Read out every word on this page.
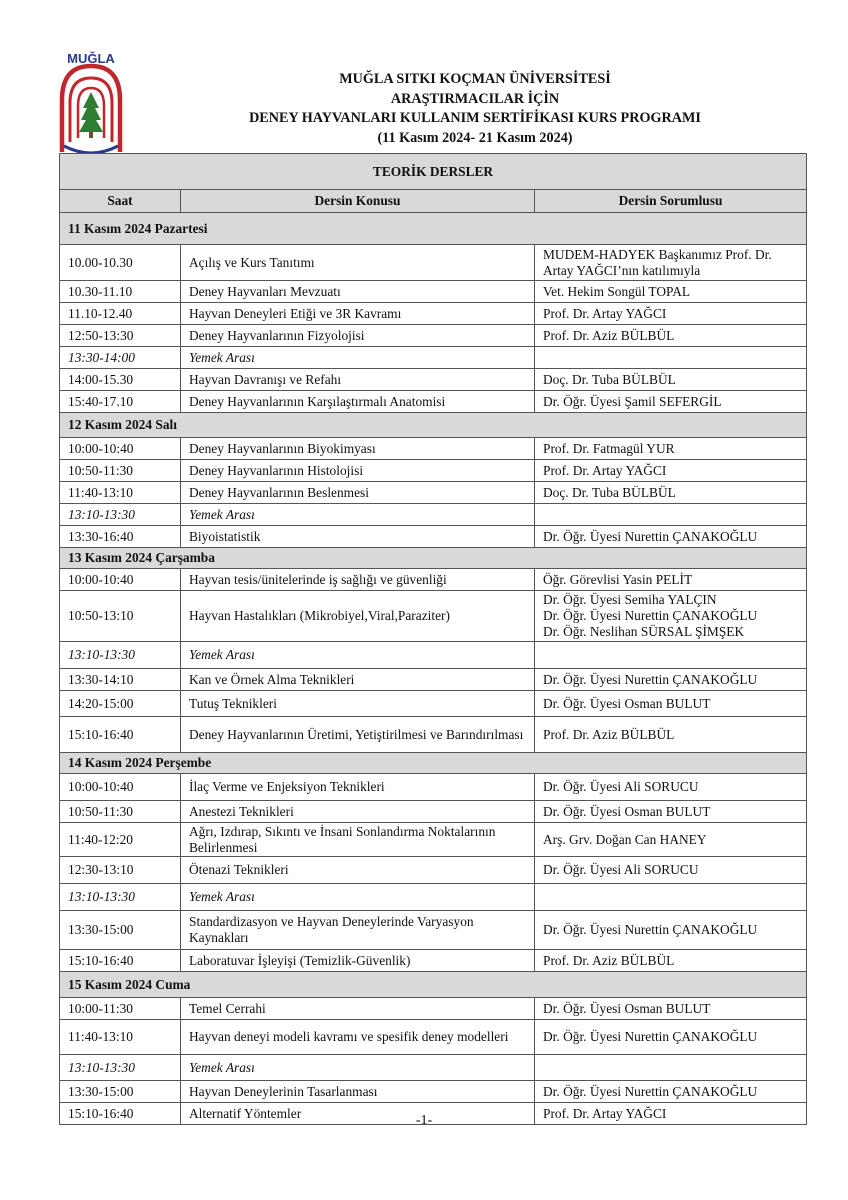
MUĞLA
MUĞLA SITKI KOÇMAN ÜNİVERSİTESİ
ARAŞTIRMACILAR İÇİN
DENEY HAYVANLARI KULLANIM SERTİFİKASI KURS PROGRAMI
(11 Kasım 2024- 21 Kasım 2024)
TEORİK DERSLER		
Saat	Dersin Konusu	Dersin Sorumlusu
11 Kasım 2024 Pazartesi		
10.00-10.30	Açılış ve Kurs Tanıtımı	MUDEM-HADYEK Başkanımız Prof. Dr. Artay YAĞCI’nın katılımıyla
10.30-11.10	Deney Hayvanları Mevzuatı	Vet. Hekim Songül TOPAL
11.10-12.40	Hayvan Deneyleri Etiği ve 3R Kavramı	Prof. Dr. Artay YAĞCI
12:50-13:30	Deney Hayvanlarının Fizyolojisi	Prof. Dr. Aziz BÜLBÜL
13:30-14:00	Yemek Arası	
14:00-15.30	Hayvan Davranışı ve Refahı	Doç. Dr. Tuba BÜLBÜL
15:40-17.10	Deney Hayvanlarının Karşılaştırmalı Anatomisi	Dr. Öğr. Üyesi Şamil SEFERGİL
12 Kasım 2024 Salı		
10:00-10:40	Deney Hayvanlarının Biyokimyası	Prof. Dr. Fatmagül YUR
10:50-11:30	Deney Hayvanlarının Histolojisi	Prof. Dr. Artay YAĞCI
11:40-13:10	Deney Hayvanlarının Beslenmesi	Doç. Dr. Tuba BÜLBÜL
13:10-13:30	Yemek Arası	
13:30-16:40	Biyoistatistik	Dr. Öğr. Üyesi Nurettin ÇANAKOĞLU
13 Kasım 2024 Çarşamba		
10:00-10:40	Hayvan tesis/ünitelerinde iş sağlığı ve güvenliği	Öğr. Görevlisi Yasin PELİT
10:50-13:10	Hayvan Hastalıkları (Mikrobiyel,Viral,Paraziter)	Dr. Öğr. Üyesi Semiha YALÇIN
Dr. Öğr. Üyesi Nurettin ÇANAKOĞLU
Dr. Öğr. Neslihan SÜRSAL ŞİMŞEK
13:10-13:30	Yemek Arası	
13:30-14:10	Kan ve Örnek Alma Teknikleri	Dr. Öğr. Üyesi Nurettin ÇANAKOĞLU
14:20-15:00	Tutuş Teknikleri	Dr. Öğr. Üyesi Osman BULUT
15:10-16:40	Deney Hayvanlarının Üretimi, Yetiştirilmesi ve Barındırılması	Prof. Dr. Aziz BÜLBÜL
14 Kasım 2024 Perşembe		
10:00-10:40	İlaç Verme ve Enjeksiyon Teknikleri	Dr. Öğr. Üyesi Ali SORUCU
10:50-11:30	Anestezi Teknikleri	Dr. Öğr. Üyesi Osman BULUT
11:40-12:20	Ağrı, Izdırap, Sıkıntı ve İnsani Sonlandırma Noktalarının Belirlenmesi	Arş. Grv. Doğan Can HANEY
12:30-13:10	Ötenazi Teknikleri	Dr. Öğr. Üyesi Ali SORUCU
13:10-13:30	Yemek Arası	
13:30-15:00	Standardizasyon ve Hayvan Deneylerinde Varyasyon Kaynakları	Dr. Öğr. Üyesi Nurettin ÇANAKOĞLU
15:10-16:40	Laboratuvar İşleyişi (Temizlik-Güvenlik)	Prof. Dr. Aziz BÜLBÜL
15 Kasım 2024 Cuma		
10:00-11:30	Temel Cerrahi	Dr. Öğr. Üyesi Osman BULUT
11:40-13:10	Hayvan deneyi modeli kavramı ve spesifik deney modelleri	Dr. Öğr. Üyesi Nurettin ÇANAKOĞLU
13:10-13:30	Yemek Arası	
13:30-15:00	Hayvan Deneylerinin Tasarlanması	Dr. Öğr. Üyesi Nurettin ÇANAKOĞLU
15:10-16:40	Alternatif Yöntemler	Prof. Dr. Artay YAĞCI
-1-
